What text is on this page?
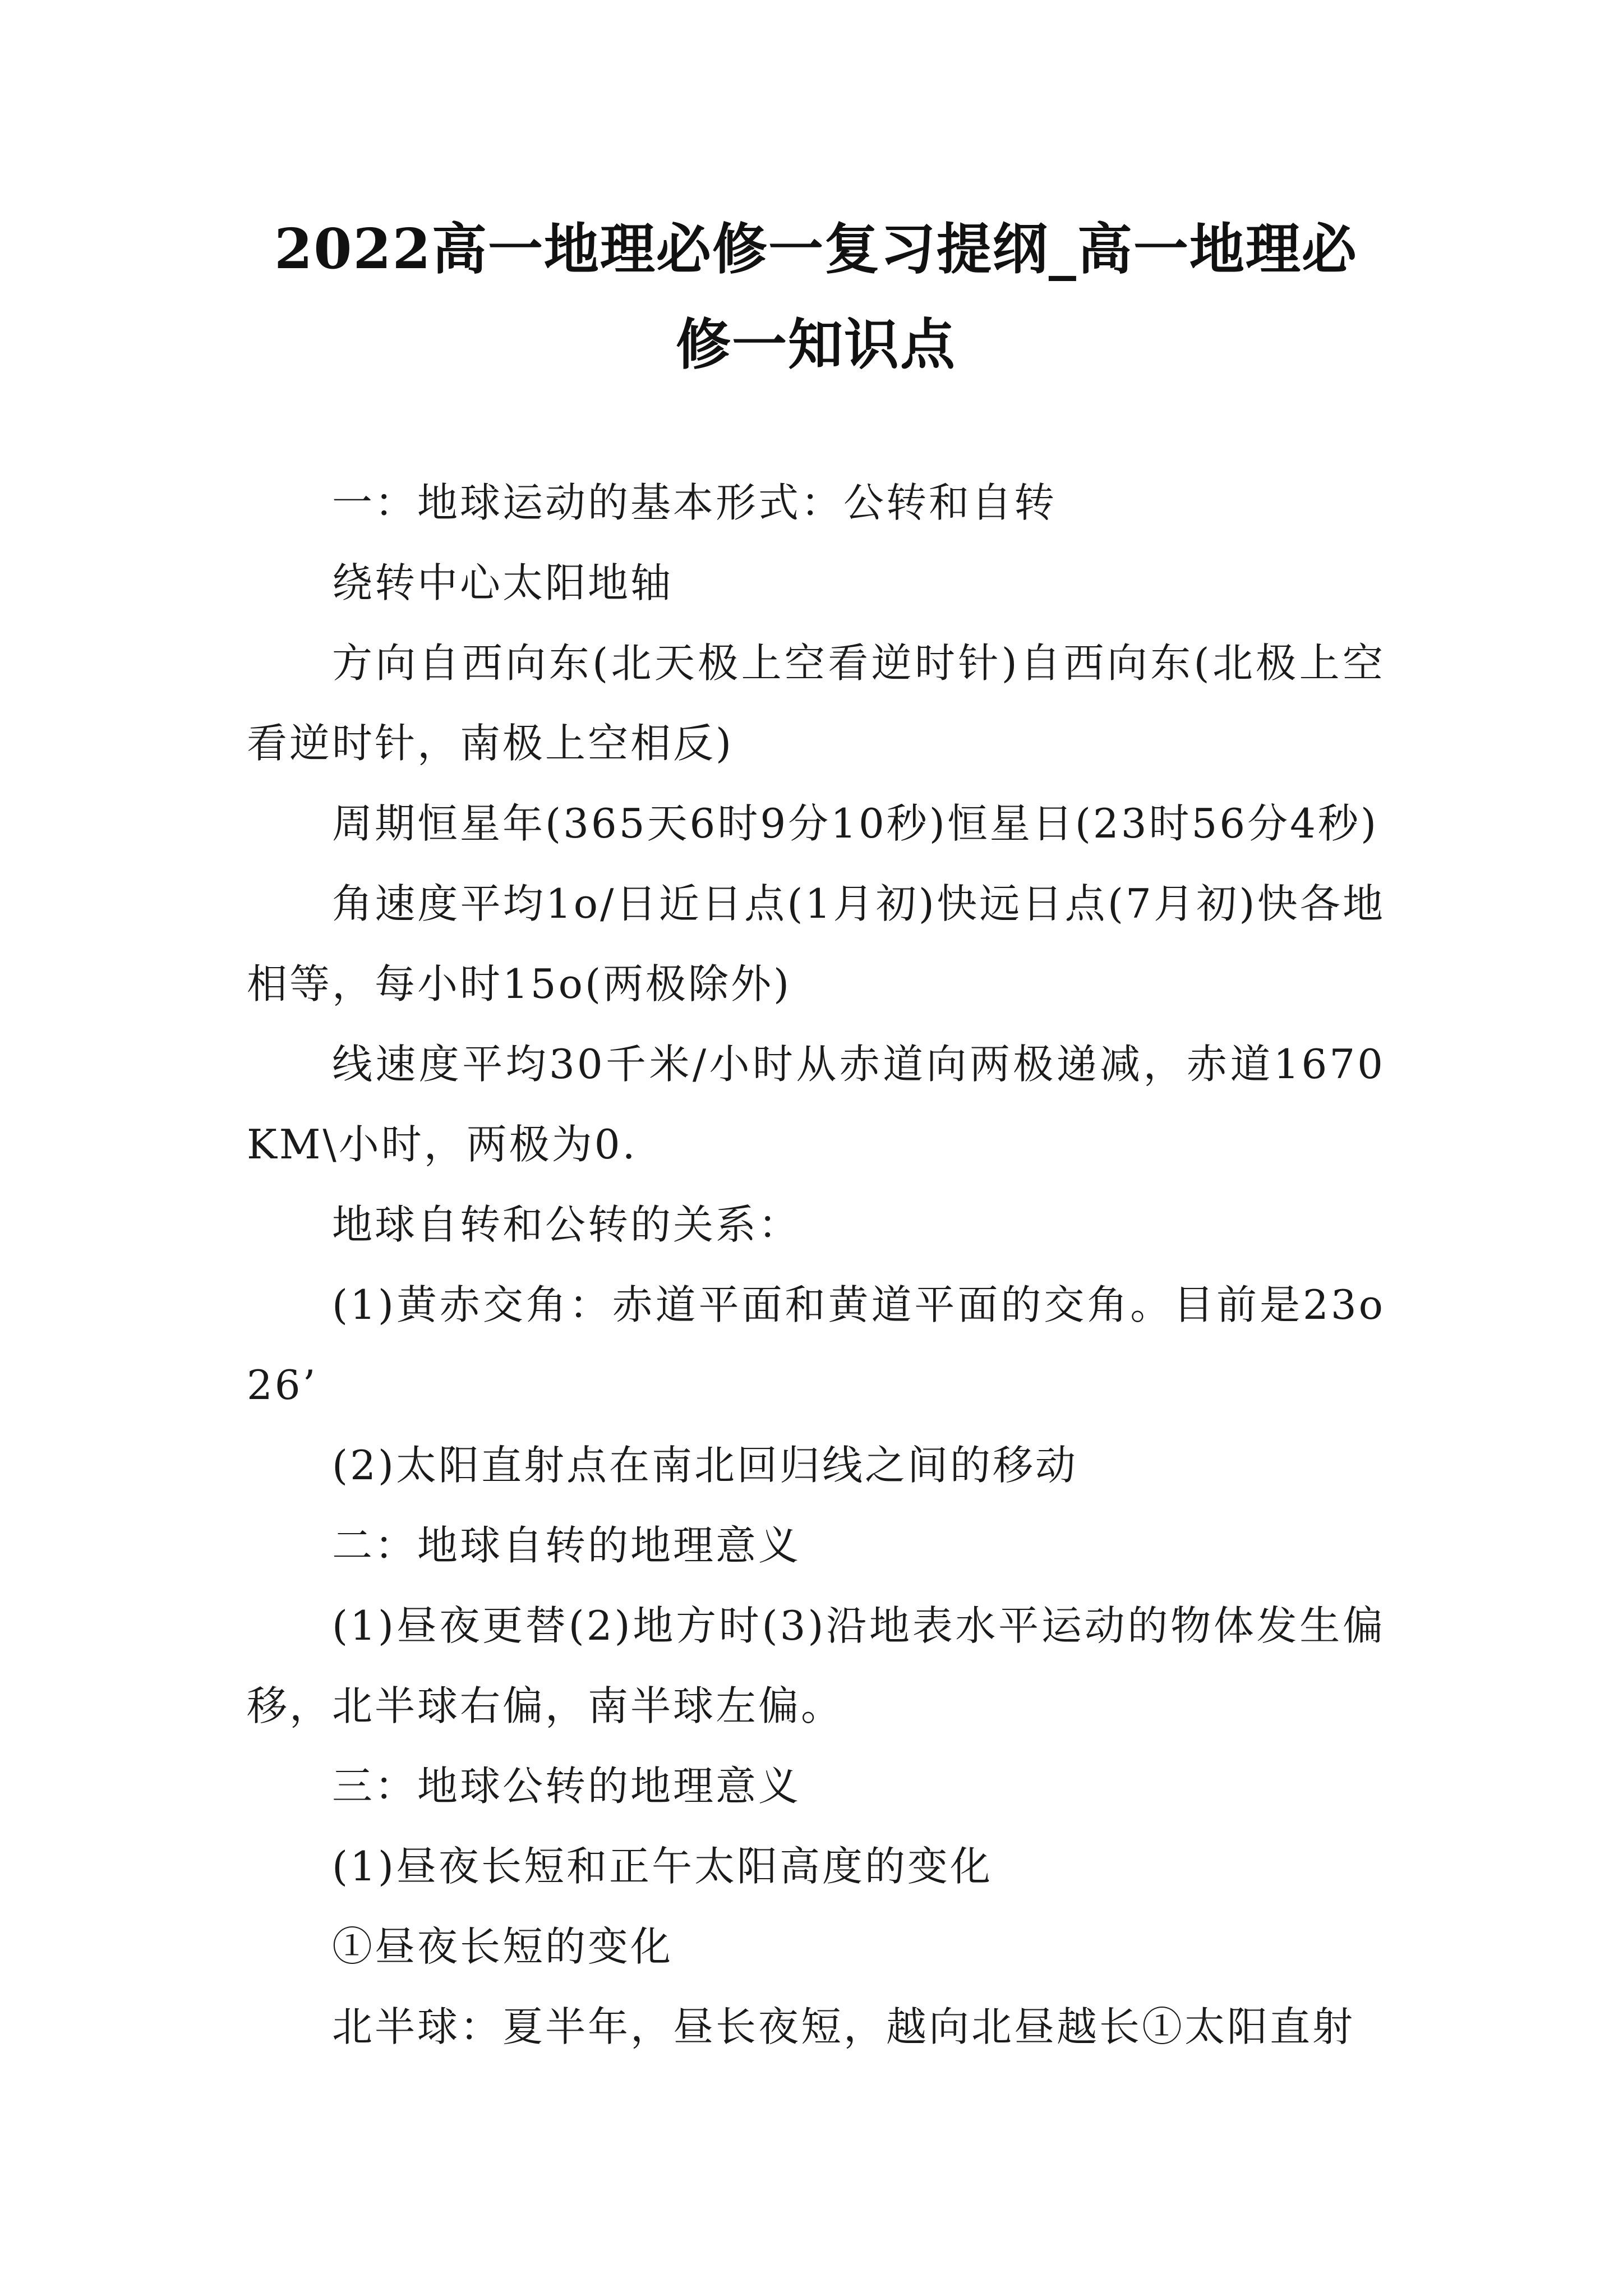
2022高一地理必修一复习提纲_高一地理必修一知识点

一：地球运动的基本形式：公转和自转

绕转中心太阳地轴

方向自西向东(北天极上空看逆时针)自西向东(北极上空看逆时针，南极上空相反)

周期恒星年(365天6时9分10秒)恒星日(23时56分4秒)

角速度平均1o/日近日点(1月初)快远日点(7月初)快各地相等，每小时15o(两极除外)

线速度平均30千米/小时从赤道向两极递减，赤道1670KM\小时，两极为0.

地球自转和公转的关系：

(1)黄赤交角：赤道平面和黄道平面的交角。目前是23o26’

(2)太阳直射点在南北回归线之间的移动

二：地球自转的地理意义

(1)昼夜更替(2)地方时(3)沿地表水平运动的物体发生偏移，北半球右偏，南半球左偏。

三：地球公转的地理意义

(1)昼夜长短和正午太阳高度的变化

①昼夜长短的变化

北半球：夏半年，昼长夜短，越向北昼越长①太阳直射
